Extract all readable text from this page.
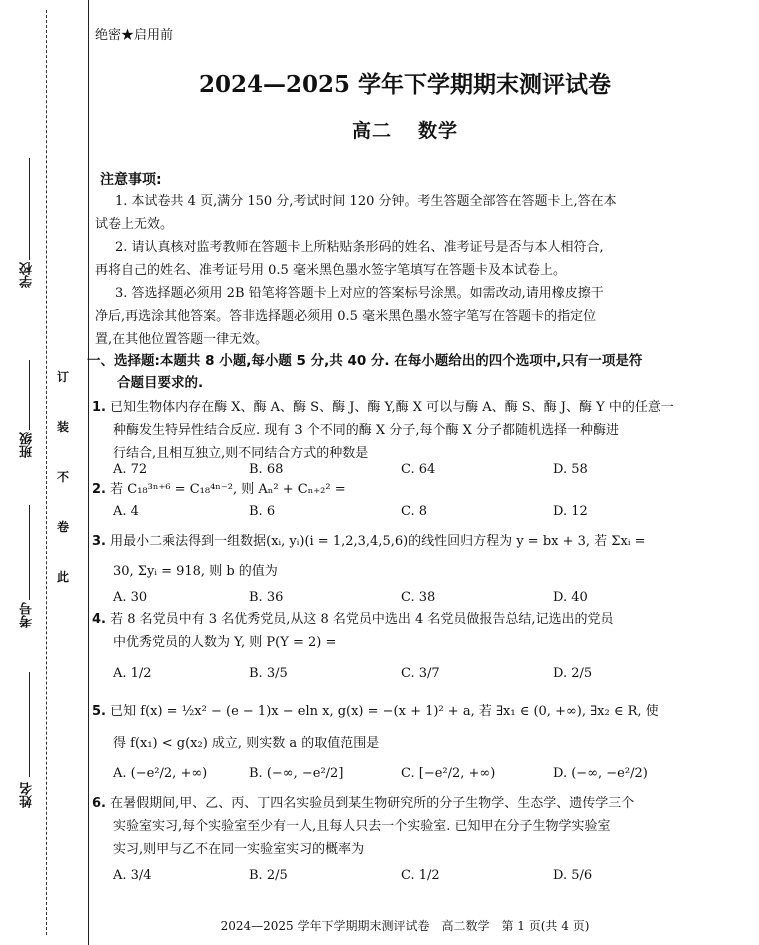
学校
班级
考号
姓名
订
装
不
卷
此
绝密★启用前
2024—2025 学年下学期期末测评试卷
高二 数学
注意事项:
1. 本试卷共 4 页,满分 150 分,考试时间 120 分钟。考生答题全部答在答题卡上,答在本
试卷上无效。
2. 请认真核对监考教师在答题卡上所粘贴条形码的姓名、准考证号是否与本人相符合,
再将自己的姓名、准考证号用 0.5 毫米黑色墨水签字笔填写在答题卡及本试卷上。
3. 答选择题必须用 2B 铅笔将答题卡上对应的答案标号涂黑。如需改动,请用橡皮擦干
净后,再选涂其他答案。答非选择题必须用 0.5 毫米黑色墨水签字笔写在答题卡的指定位
置,在其他位置答题一律无效。
一、选择题:本题共 8 小题,每小题 5 分,共 40 分. 在每小题给出的四个选项中,只有一项是符
合题目要求的.
1. 已知生物体内存在酶 X、酶 A、酶 S、酶 J、酶 Y,酶 X 可以与酶 A、酶 S、酶 J、酶 Y 中的任意一
种酶发生特异性结合反应. 现有 3 个不同的酶 X 分子,每个酶 X 分子都随机选择一种酶进
行结合,且相互独立,则不同结合方式的种数是
A. 72	B. 68	C. 64	D. 58
2. 若 C₁₈³ⁿ⁺⁶ = C₁₈⁴ⁿ⁻², 则 Aₙ² + Cₙ₊₂² =
A. 4	B. 6	C. 8	D. 12
3. 用最小二乘法得到一组数据(xᵢ, yᵢ)(i = 1,2,3,4,5,6)的线性回归方程为 y = bx + 3, 若 Σxᵢ =
30, Σyᵢ = 918, 则 b 的值为
A. 30	B. 36	C. 38	D. 40
4. 若 8 名党员中有 3 名优秀党员,从这 8 名党员中选出 4 名党员做报告总结,记选出的党员
中优秀党员的人数为 Y, 则 P(Y = 2) =
A. 1/2	B. 3/5	C. 3/7	D. 2/5
5. 已知 f(x) = ½x² − (e − 1)x − eln x, g(x) = −(x + 1)² + a, 若 ∃x₁ ∈ (0, +∞), ∃x₂ ∈ R, 使
得 f(x₁) < g(x₂) 成立, 则实数 a 的取值范围是
A. (−e²/2, +∞)	B. (−∞, −e²/2]	C. [−e²/2, +∞)	D. (−∞, −e²/2)
6. 在暑假期间,甲、乙、丙、丁四名实验员到某生物研究所的分子生物学、生态学、遗传学三个
实验室实习,每个实验室至少有一人,且每人只去一个实验室. 已知甲在分子生物学实验室
实习,则甲与乙不在同一实验室实习的概率为
A. 3/4	B. 2/5	C. 1/2	D. 5/6
2024—2025 学年下学期期末测评试卷　高二数学　第 1 页(共 4 页)
